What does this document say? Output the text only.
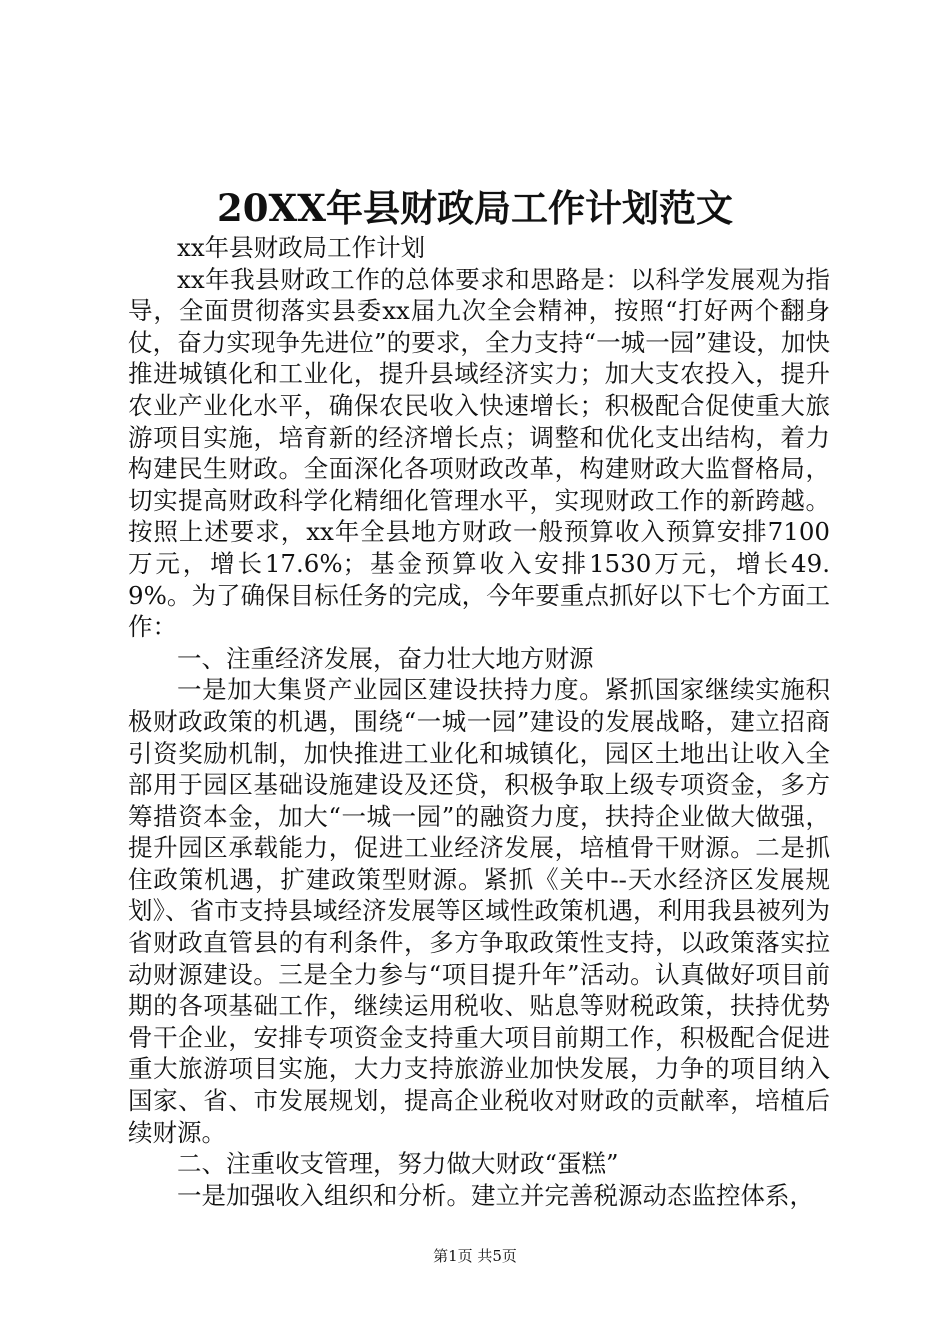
20XX年县财政局工作计划范文

xx年县财政局工作计划

xx年我县财政工作的总体要求和思路是：以科学发展观为指导，全面贯彻落实县委xx届九次全会精神，按照“打好两个翻身仗，奋力实现争先进位”的要求，全力支持“一城一园”建设，加快推进城镇化和工业化，提升县域经济实力；加大支农投入，提升农业产业化水平，确保农民收入快速增长；积极配合促使重大旅游项目实施，培育新的经济增长点；调整和优化支出结构，着力构建民生财政。全面深化各项财政改革，构建财政大监督格局，切实提高财政科学化精细化管理水平，实现财政工作的新跨越。按照上述要求，xx年全县地方财政一般预算收入预算安排7100万元，增长17.6%；基金预算收入安排1530万元，增长49.9%。为了确保目标任务的完成，今年要重点抓好以下七个方面工作：

一、注重经济发展，奋力壮大地方财源

一是加大集贤产业园区建设扶持力度。紧抓国家继续实施积极财政政策的机遇，围绕“一城一园”建设的发展战略，建立招商引资奖励机制，加快推进工业化和城镇化，园区土地出让收入全部用于园区基础设施建设及还贷，积极争取上级专项资金，多方筹措资本金，加大“一城一园”的融资力度，扶持企业做大做强，提升园区承载能力，促进工业经济发展，培植骨干财源。二是抓住政策机遇，扩建政策型财源。紧抓《关中--天水经济区发展规划》、省市支持县域经济发展等区域性政策机遇，利用我县被列为省财政直管县的有利条件，多方争取政策性支持，以政策落实拉动财源建设。三是全力参与“项目提升年”活动。认真做好项目前期的各项基础工作，继续运用税收、贴息等财税政策，扶持优势骨干企业，安排专项资金支持重大项目前期工作，积极配合促进重大旅游项目实施，大力支持旅游业加快发展，力争的项目纳入国家、省、市发展规划，提高企业税收对财政的贡献率，培植后续财源。

二、注重收支管理，努力做大财政“蛋糕”

一是加强收入组织和分析。建立并完善税源动态监控体系，

第1页 共5页
